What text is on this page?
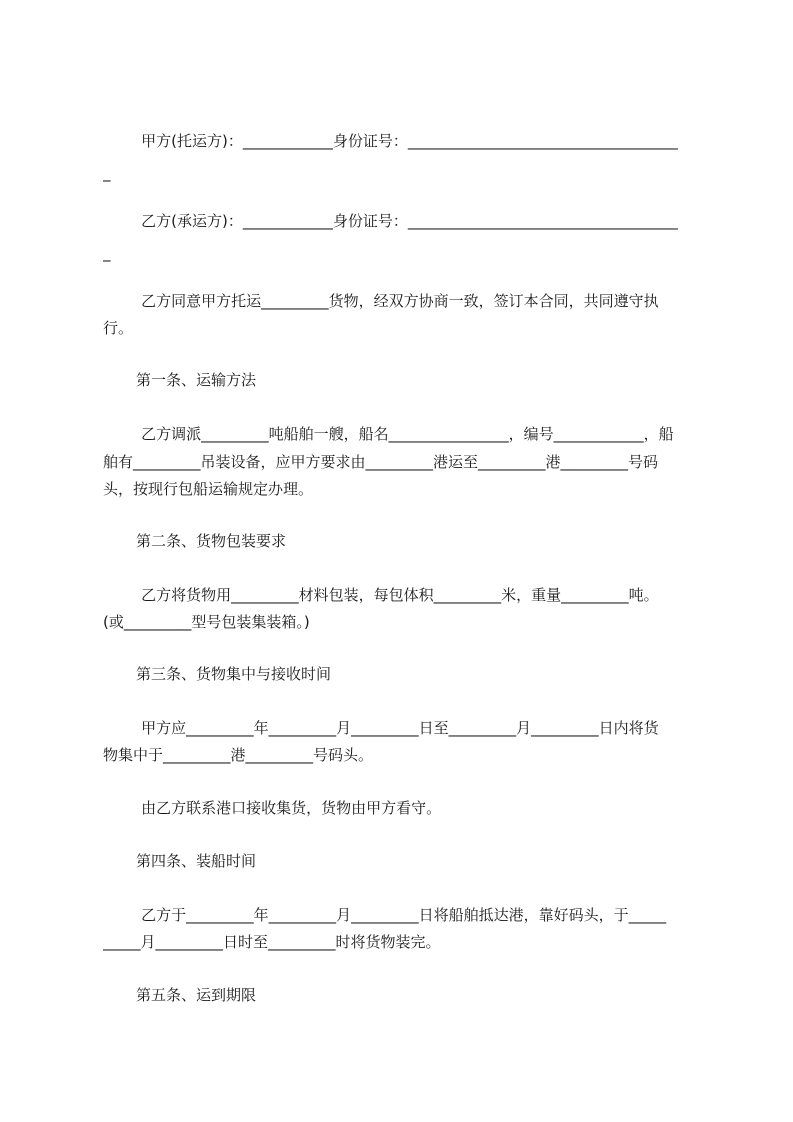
甲方(托运方)：____________身份证号：____________________________________
_
乙方(承运方)：____________身份证号：____________________________________
_
乙方同意甲方托运_________货物，经双方协商一致，签订本合同，共同遵守执
行。
第一条、运输方法
乙方调派_________吨船舶一艘，船名________________，编号____________，船
舶有_________吊装设备，应甲方要求由_________港运至_________港_________号码
头，按现行包船运输规定办理。
第二条、货物包装要求
乙方将货物用_________材料包装，每包体积_________米，重量_________吨。
(或_________型号包装集装箱。)
第三条、货物集中与接收时间
甲方应_________年_________月_________日至_________月_________日内将货
物集中于_________港_________号码头。
由乙方联系港口接收集货，货物由甲方看守。
第四条、装船时间
乙方于_________年_________月_________日将船舶抵达港，靠好码头，于_____
_____月_________日时至_________时将货物装完。
第五条、运到期限
